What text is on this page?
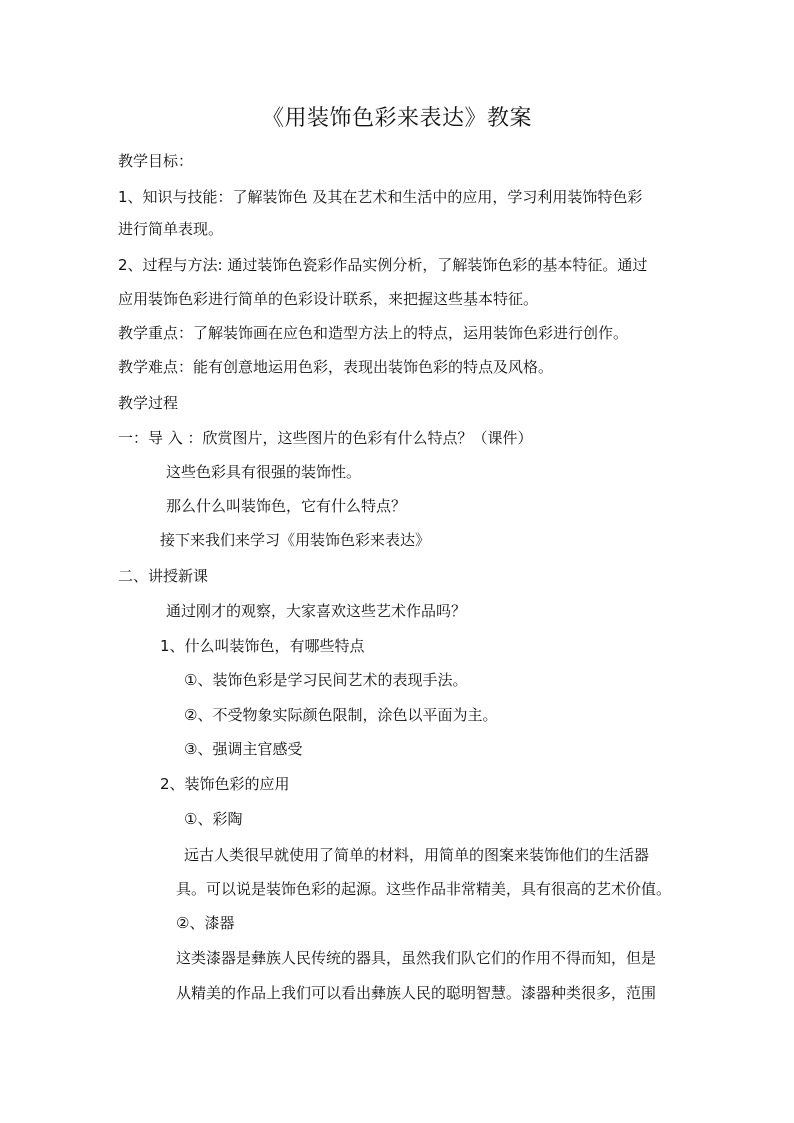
《用装饰色彩来表达》教案
教学目标：
1、知识与技能：了解装饰色 及其在艺术和生活中的应用，学习利用装饰特色彩
进行简单表现。
2、过程与方法: 通过装饰色瓷彩作品实例分析，了解装饰色彩的基本特征。通过
应用装饰色彩进行简单的色彩设计联系，来把握这些基本特征。
教学重点：了解装饰画在应色和造型方法上的特点，运用装饰色彩进行创作。
教学难点：能有创意地运用色彩，表现出装饰色彩的特点及风格。
教学过程
一：导 入 ：欣赏图片，这些图片的色彩有什么特点？（课件）
这些色彩具有很强的装饰性。
那么什么叫装饰色，它有什么特点？
接下来我们来学习《用装饰色彩来表达》
二、讲授新课
通过刚才的观察，大家喜欢这些艺术作品吗？
1、什么叫装饰色，有哪些特点
①、装饰色彩是学习民间艺术的表现手法。
②、不受物象实际颜色限制，涂色以平面为主。
③、强调主官感受
2、装饰色彩的应用
①、彩陶
远古人类很早就使用了简单的材料，用简单的图案来装饰他们的生活器
具。可以说是装饰色彩的起源。这些作品非常精美，具有很高的艺术价值。
②、漆器
这类漆器是彝族人民传统的器具，虽然我们队它们的作用不得而知，但是
从精美的作品上我们可以看出彝族人民的聪明智慧。漆器种类很多，范围
